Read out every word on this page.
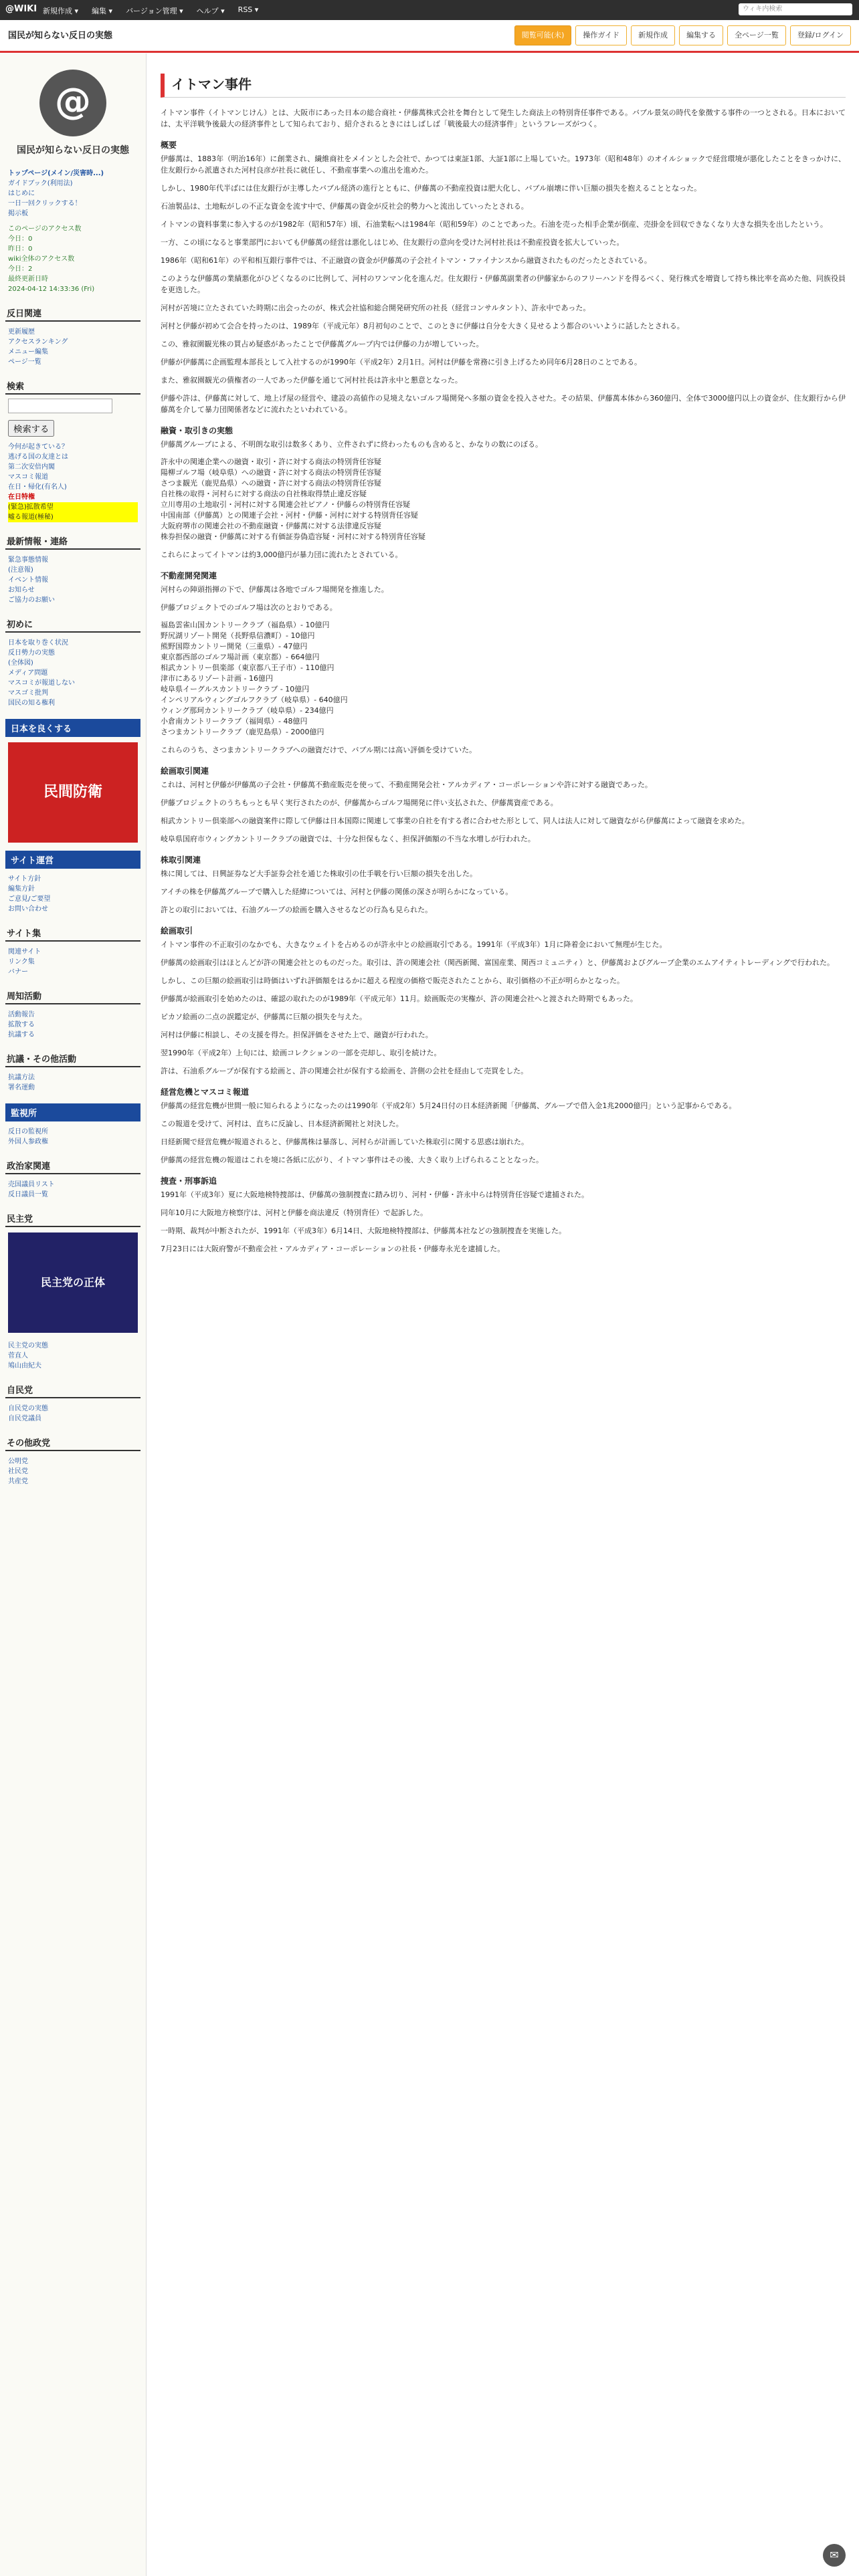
@WIKI 新規作成 ▾ 編集 ▾ バージョン管理 ▾ ヘルプ ▾ RSS ▾	ウィキ内検索
国民が知らない反日の実態	閲覧可能(未)	操作ガイド	新規作成	編集する	全ページ一覧	登録/ログイン
@
国民が知らない反日の実態
トップページ(メイン/災害時...)
ガイドブック(利用法)
はじめに
一日一回クリックする！
掲示板
このページのアクセス数
今日：0
昨日：0
wiki全体のアクセス数
今日：2
最終更新日時
2024-04-12 14:33:36 (Fri)
反日関連
更新履歴
アクセスランキング
メニュー編集
ページ一覧
検索
検索する
今何が起きている？
逃げる国の友達とは
第二次安倍内閣
マスコミ報道
在日・帰化(有名人)
在日特権
(緊急)拡散希望
嘘る報道(極秘)
最新情報・連絡
緊急事態情報
(注意報)
イベント情報
お知らせ
ご協力のお願い
初めに
日本を取り巻く状況
反日勢力の実態
(全体図)
メディア問題
マスコミが報道しない
マスゴミ批判
国民の知る権利
日本を良くする
民間防衛
サイト運営
サイト方針
編集方針
ご意見/ご要望
お問い合わせ
サイト集
関連サイト
リンク集
バナー
周知活動
活動報告
拡散する
抗議する
抗議・その他活動
抗議方法
署名運動
監視所
反日の監視所
外国人参政権
政治家関連
売国議員リスト
反日議員一覧
民主党
民主党の正体
民主党の実態
菅直人
鳩山由紀夫
自民党
自民党の実態
自民党議員
その他政党
公明党
社民党
共産党
イトマン事件

イトマン事件（イトマンじけん）とは、大阪市にあった日本の総合商社・伊藤萬株式会社を舞台として発生した商法上の特別背任事件である。バブル景気の時代を象徴する事件の一つとされる。日本においては、太平洋戦争後最大の経済事件として知られており、紹介されるときにはしばしば「戦後最大の経済事件」というフレーズがつく。

概要

伊藤萬は、1883年（明治16年）に創業され、繊維商社をメインとした会社で、かつては東証1部、大証1部に上場していた。1973年（昭和48年）のオイルショックで経営環境が悪化したことをきっかけに、住友銀行から派遣された河村良彦が社長に就任し、不動産事業への進出を進めた。

しかし、1980年代半ばには住友銀行が主導したバブル経済の進行とともに、伊藤萬の不動産投資は肥大化し、バブル崩壊に伴い巨額の損失を抱えることとなった。

石油製品は、土地転がしの不正な資金を流す中で、伊藤萬の資金が反社会的勢力へと流出していったとされる。

イトマンの資料事業に参入するのが1982年（昭和57年）頃、石油業転へは1984年（昭和59年）のことであった。石油を売った相手企業が倒産、売掛金を回収できなくなり大きな損失を出したという。

一方、この頃になると事業部門においても伊藤萬の経営は悪化しはじめ、住友銀行の意向を受けた河村社長は不動産投資を拡大していった。

1986年（昭和61年）の平和相互銀行事件では、不正融資の資金が伊藤萬の子会社イトマン・ファイナンスから融資されたものだったとされている。

このような伊藤萬の業績悪化がひどくなるのに比例して、河村のワンマン化を進んだ。住友銀行・伊藤萬副業者の伊藤家からのフリーハンドを得るべく、発行株式を増資して持ち株比率を高めた他、同族役員を更迭した。

河村が苦境に立たされていた時期に出会ったのが、株式会社協和総合開発研究所の社長（経営コンサルタント）、許永中であった。

河村と伊藤が初めて会合を持ったのは、1989年（平成元年）8月初旬のことで、このときに伊藤は自分を大きく見せるよう都合のいいように話したとされる。

この、雅叙園観光株の買占め疑惑があったことで伊藤萬グループ内では伊藤の力が増していった。

伊藤が伊藤萬に企画監理本部長として入社するのが1990年（平成2年）2月1日。河村は伊藤を常務に引き上げるため同年6月28日のことである。

また、雅叙園観光の債権者の一人であった伊藤を通じて河村社長は許永中と懇意となった。

伊藤や許は、伊藤萬に対して、地上げ屋の経営や、建設の高値作の見境えないゴルフ場開発へ多額の資金を投入させた。その結果、伊藤萬本体から360億円、全体で3000億円以上の資金が、住友銀行から伊藤萬を介して暴力団関係者などに流れたといわれている。

融資・取引きの実態

伊藤萬グループによる、不明朗な取引は数多くあり、立件されずに終わったものも含めると、かなりの数にのぼる。

許永中の関連企業への融資・取引・許に対する商法の特別背任容疑
陽柳ゴルフ場（岐阜県）への融資・許に対する商法の特別背任容疑
さつま観光（鹿児島県）への融資・許に対する商法の特別背任容疑
自社株の取得・河村らに対する商法の自社株取得禁止違反容疑
立川専用の土地取引・河村に対する関連会社ピアノ・伊藤らの特別背任容疑
中国南部（伊藤萬）との関連子会社・河村・伊藤・河村に対する特別背任容疑
大阪府堺市の関連会社の不動産融資・伊藤萬に対する法律違反容疑
株券担保の融資・伊藤萬に対する有価証券偽造容疑・河村に対する特別背任容疑

これらによってイトマンは約3,000億円が暴力団に流れたとされている。

不動産開発関連

河村らの陣頭指揮の下で、伊藤萬は各地でゴルフ場開発を推進した。

伊藤プロジェクトでのゴルフ場は次のとおりである。

福島雲雀山国カントリークラブ（福島県）- 10億円
野尻湖リゾート開発（長野県信濃町）- 10億円
熊野国際カントリー開発（三重県）- 47億円
東京都西部のゴルフ場計画（東京都）- 664億円
相武カントリー倶楽部（東京都八王子市）- 110億円
津市にあるリゾート計画 - 16億円
岐阜県イーグルスカントリークラブ - 10億円
インペリアルウィングゴルフクラブ（岐阜県）- 640億円
ウィング那珂カントリークラブ（岐阜県）- 234億円
小倉南カントリークラブ（福岡県）- 48億円
さつまカントリークラブ（鹿児島県）- 2000億円

これらのうち、さつまカントリークラブへの融資だけで、バブル期には高い評価を受けていた。

絵画取引関連

これは、河村と伊藤が伊藤萬の子会社・伊藤萬不動産販売を使って、不動産開発会社・アルカディア・コーポレーションや許に対する融資であった。

伊藤プロジェクトのうちもっとも早く実行されたのが、伊藤萬からゴルフ場開発に伴い支払された、伊藤萬資産である。

相武カントリー倶楽部への融資案件に際して伊藤は日本国際に関連して事業の自社を有する者に合わせた形として、同人は法人に対して融資ながら伊藤萬によって融資を求めた。

岐阜県国府市ウィングカントリークラブの融資では、十分な担保もなく、担保評価額の不当な水増しが行われた。

株取引関連

株に関しては、日興証券など大手証券会社を通じた株取引の仕手戦を行い巨額の損失を出した。

アイチの株を伊藤萬グループで購入した経緯については、河村と伊藤の関係の深さが明らかになっている。

許との取引においては、石油グループの絵画を購入させるなどの行為も見られた。

絵画取引

イトマン事件の不正取引のなかでも、大きなウェイトを占めるのが許永中との絵画取引である。1991年（平成3年）1月に降着金において無理が生じた。

伊藤萬の絵画取引はほとんどが許の関連会社とのものだった。取引は、許の関連会社（関西新聞、富国産業、関西コミュニティ）と、伊藤萬およびグループ企業のエムアイティトレーディングで行われた。

しかし、この巨額の絵画取引は時価はいずれ評価額をはるかに超える程度の価格で販売されたことから、取引価格の不正が明らかとなった。

伊藤萬が絵画取引を始めたのは、確認の取れたのが1989年（平成元年）11月。絵画販売の実権が、許の関連会社へと渡された時期でもあった。

ピカソ絵画の二点の誤鑑定が、伊藤萬に巨額の損失を与えた。

河村は伊藤に相談し、その支援を得た。担保評価をさせた上で、融資が行われた。

翌1990年（平成2年）上旬には、絵画コレクションの一部を売却し、取引を続けた。

許は、石油系グループが保有する絵画と、許の関連会社が保有する絵画を、許側の会社を経由して売買をした。

経営危機とマスコミ報道

伊藤萬の経営危機が世間一般に知られるようになったのは1990年（平成2年）5月24日付の日本経済新聞「伊藤萬、グループで借入金1兆2000億円」という記事からである。

この報道を受けて、河村は、直ちに反論し、日本経済新聞社と対決した。

日経新聞で経営危機が報道されると、伊藤萬株は暴落し、河村らが計画していた株取引に関する思惑は崩れた。

伊藤萬の経営危機の報道はこれを境に各紙に広がり、イトマン事件はその後、大きく取り上げられることとなった。

捜査・刑事訴追

1991年（平成3年）夏に大阪地検特捜部は、伊藤萬の強制捜査に踏み切り、河村・伊藤・許永中らは特別背任容疑で逮捕された。

同年10月に大阪地方検察庁は、河村と伊藤を商法違反（特別背任）で起訴した。

一時期、裁判が中断されたが、1991年（平成3年）6月14日、大阪地検特捜部は、伊藤萬本社などの強制捜査を実施した。

7月23日には大阪府警が不動産会社・アルカディア・コーポレーションの社長・伊藤寿永光を逮捕した。

✉
